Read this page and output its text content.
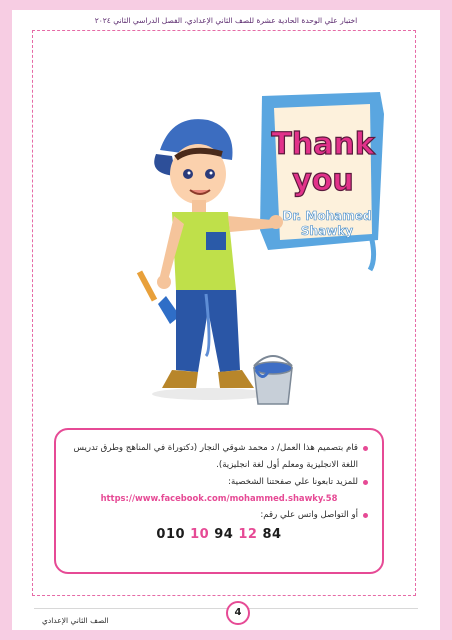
اختبار علي الوحدة الحادية عشرة للصف الثاني الإعدادي، الفصل الدراسي الثاني ٢٠٢٤
Thank
you
Dr. Mohamed
Shawky
قام بتصميم هذا العمل/ د محمد شوقي النجار (دكتوراة في المناهج وطرق تدريس اللغة الانجليزية ومعلم أول لغة انجليزية).
للمزيد تابعونا علي صفحتنا الشخصية:
https://www.facebook.com/mohammed.shawky.58
أو التواصل واتس علي رقم:
010 10 94 12 84
4
الصف الثاني الإعدادي
